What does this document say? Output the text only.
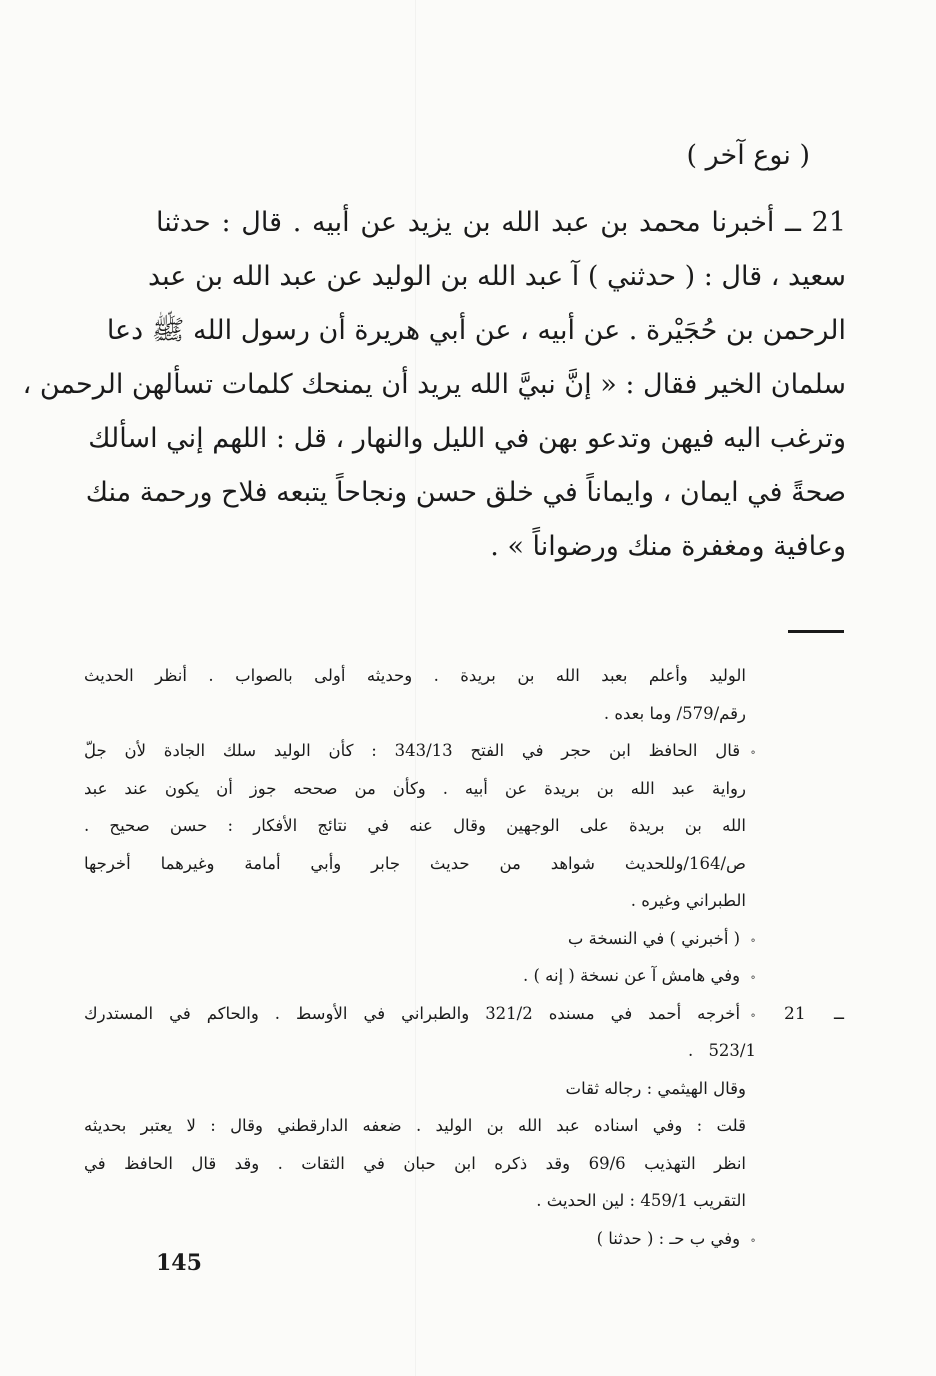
( نوع آخر )
21 ــ أخبرنا محمد بن عبد الله بن يزيد عن أبيه . قال : حدثنا
سعيد ، قال : ( حدثني ) آ عبد الله بن الوليد عن عبد الله بن عبد
الرحمن بن حُجَيْرة . عن أبيه ، عن أبي هريرة أن رسول الله ﷺ دعا
سلمان الخير فقال : « إنَّ نبيَّ الله يريد أن يمنحك كلمات تسألهن الرحمن ،
وترغب اليه فيهن وتدعو بهن في الليل والنهار ، قل : اللهم إني اسألك
صحةً في ايمان ، وايماناً في خلق حسن ونجاحاً يتبعه فلاح ورحمة منك
وعافية ومغفرة منك ورضواناً » .
الوليد وأعلم بعبد الله بن بريدة . وحديثه أولى بالصواب . أنظر الحديث
رقم/579/ وما بعده .
∘قال الحافظ ابن حجر في الفتح 343/13 : كأن الوليد سلك الجادة لأن جلّ
رواية عبد الله بن بريدة عن أبيه . وكأن من صححه جوز أن يكون عند عبد
الله بن بريدة على الوجهين وقال عنه في نتائج الأفكار : حسن صحيح .
ص/164/وللحديث شواهد من حديث جابر وأبي أمامة وغيرهما أخرجها
الطبراني وغيره .
∘( أخبرني ) في النسخة ب
∘وفي هامش آ عن نسخة ( إنه ) .
21 ــ
∘أخرجه أحمد في مسنده 321/2 والطبراني في الأوسط . والحاكم في المستدرك
523/1 .
وقال الهيثمي : رجاله ثقات
قلت : وفي اسناده عبد الله بن الوليد . ضعفه الدارقطني وقال : لا يعتبر بحديثه
انظر التهذيب 69/6 وقد ذكره ابن حبان في الثقات . وقد قال الحافظ في
التقريب 459/1 : لين الحديث .
∘وفي ب حـ : ( حدثنا )
145
